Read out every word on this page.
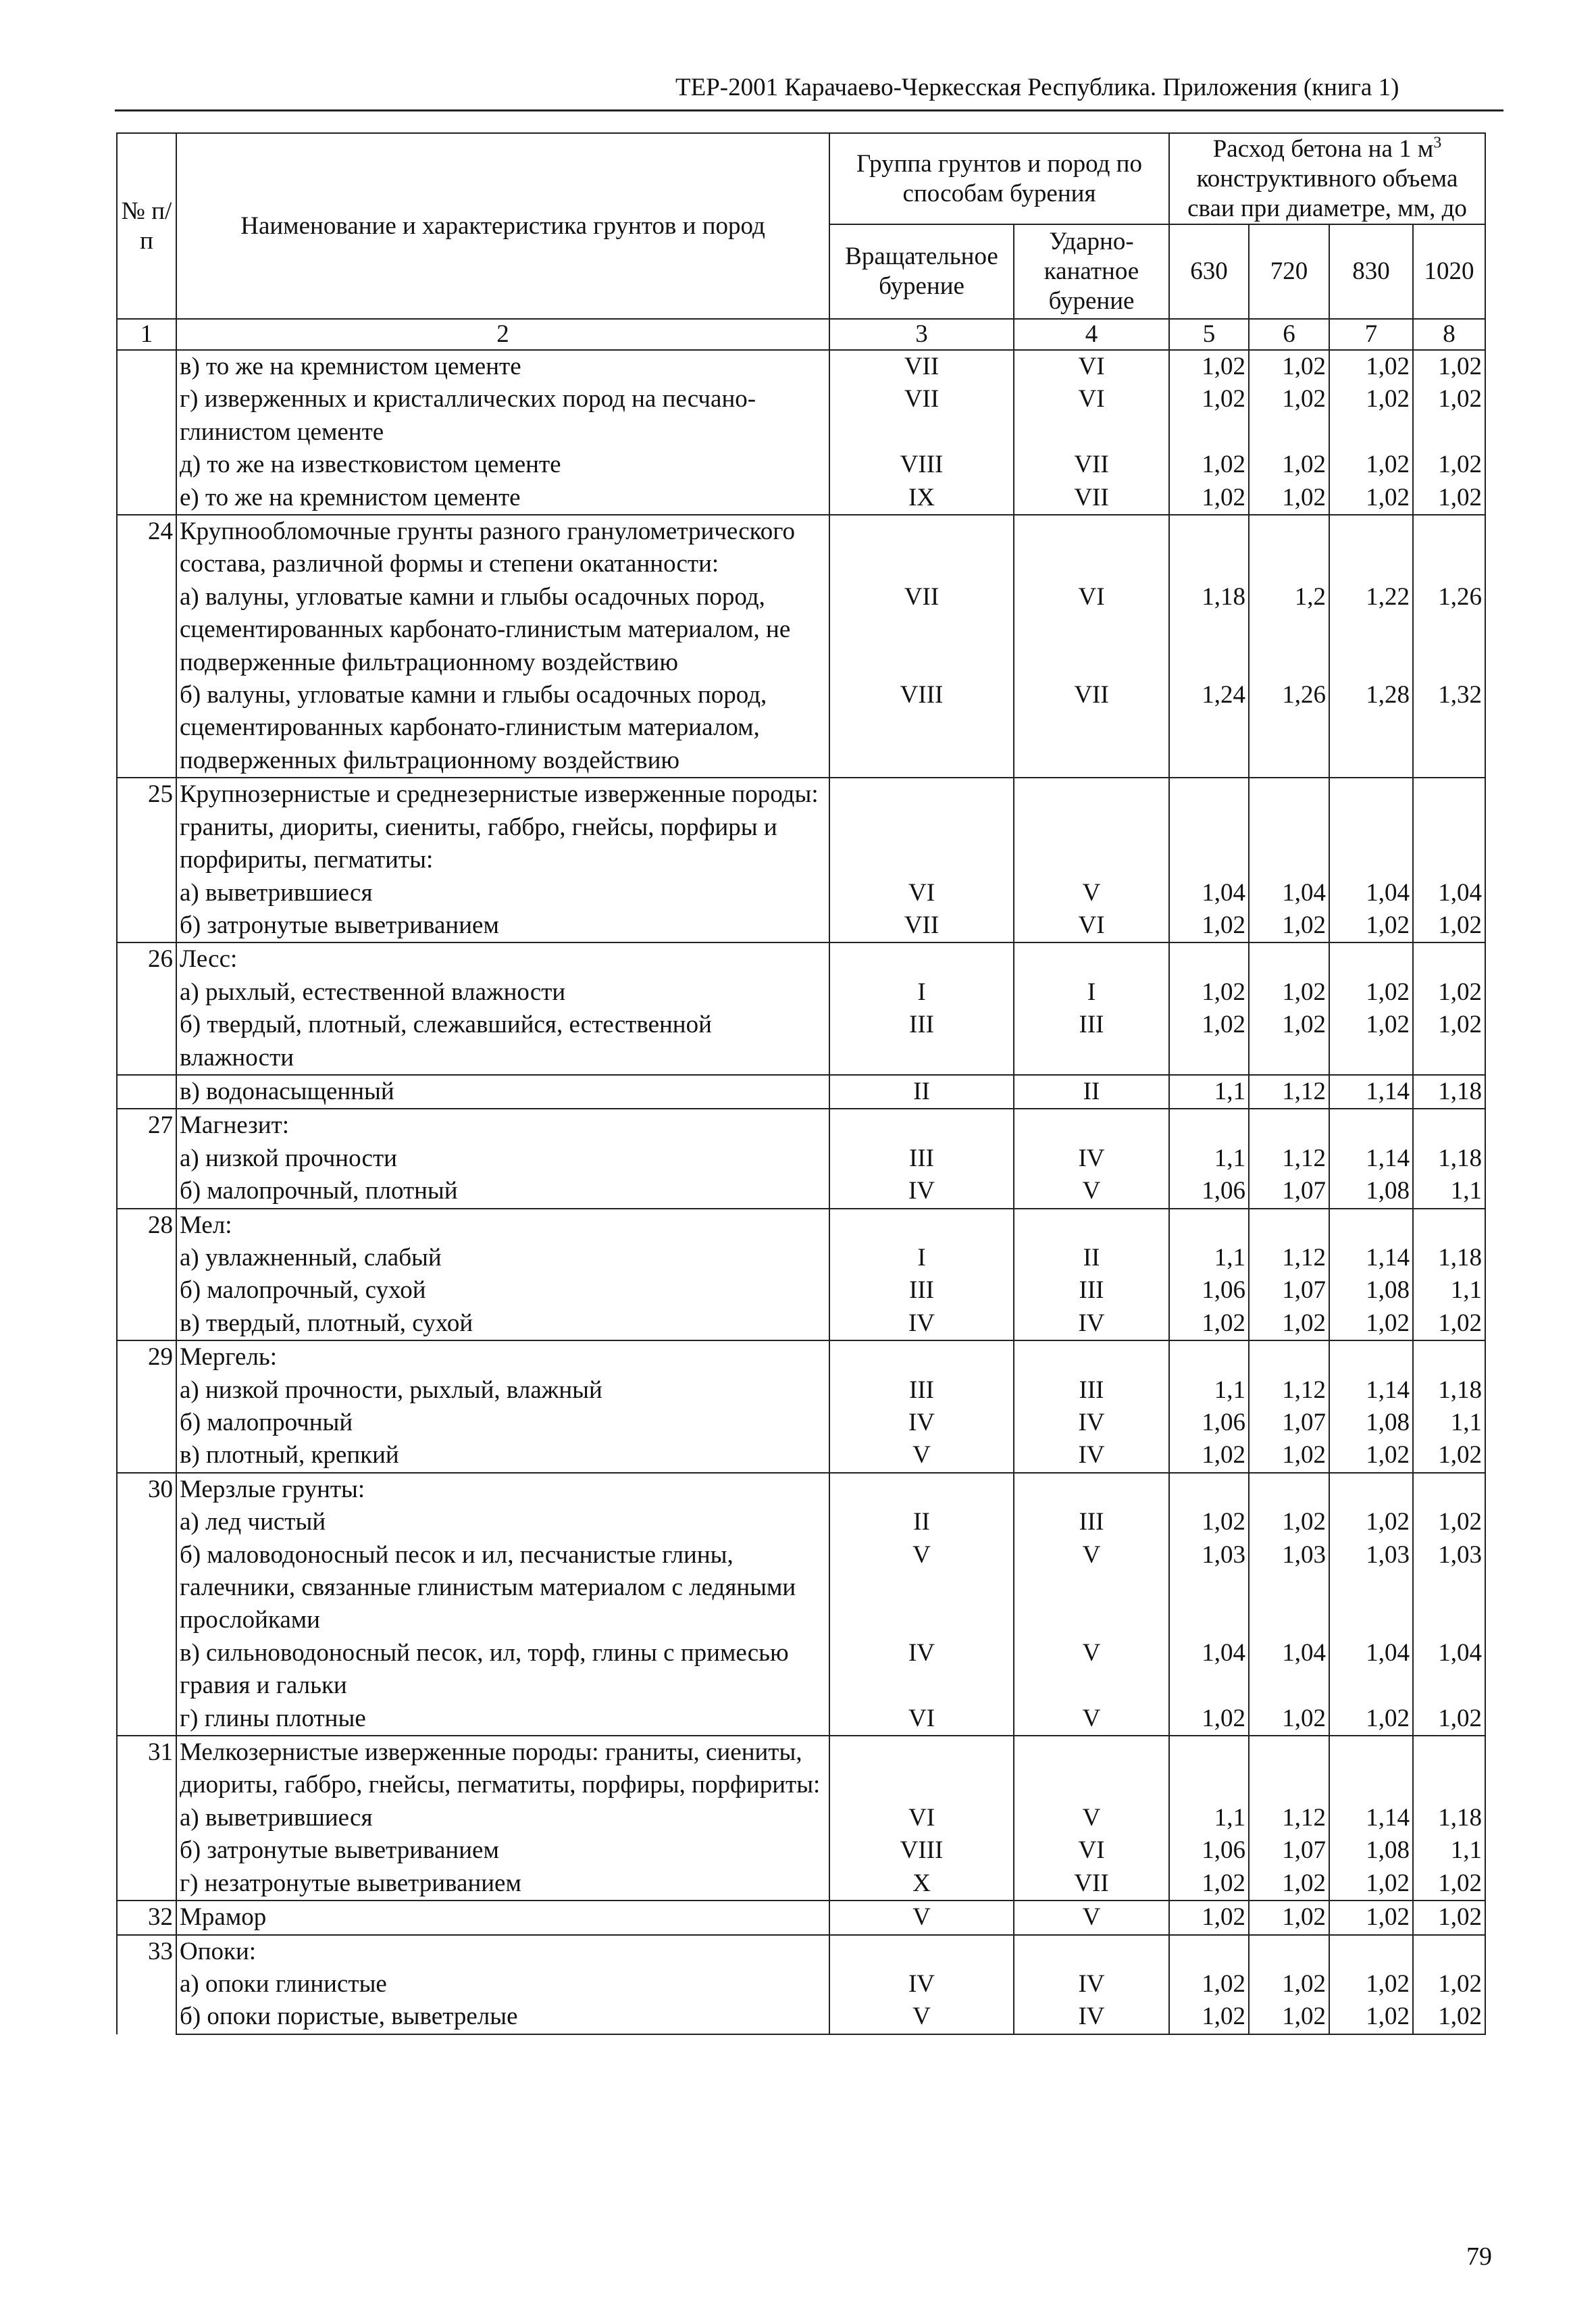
ТЕР-2001 Карачаево-Черкесская Республика. Приложения (книга 1)
№ п/п	Наименование и характеристика грунтов и пород	Группа грунтов и пород по способам бурения		Расход бетона на 1 $м^3$ конструктивного объема сваи при диаметре, мм, до			
		Вращательное бурение	Ударно-канатное бурение	630	720	830	1020
1	2	3	4	5	6	7	8
	в) то же на кремнистом цементе	VII	VI	1,02	1,02	1,02	1,02
	г) изверженных и кристаллических пород на песчано-глинистом цементе	VII	VI	1,02	1,02	1,02	1,02
	д) то же на известковистом цементе	VIII	VII	1,02	1,02	1,02	1,02
	е) то же на кремнистом цементе	IX	VII	1,02	1,02	1,02	1,02
24	Крупнообломочные грунты разного гранулометрического состава, различной формы и степени окатанности:						
	а) валуны, угловатые камни и глыбы осадочных пород, сцементированных карбонато-глинистым материалом, не подверженные фильтрационному воздействию	VII	VI	1,18	1,2	1,22	1,26
	б) валуны, угловатые камни и глыбы осадочных пород, сцементированных карбонато-глинистым материалом, подверженных фильтрационному воздействию	VIII	VII	1,24	1,26	1,28	1,32
25	Крупнозернистые и среднезернистые изверженные породы: граниты, диориты, сиениты, габбро, гнейсы, порфиры и порфириты, пегматиты:						
	а) выветрившиеся	VI	V	1,04	1,04	1,04	1,04
	б) затронутые выветриванием	VII	VI	1,02	1,02	1,02	1,02
26	Лесс:						
	а) рыхлый, естественной влажности	I	I	1,02	1,02	1,02	1,02
	б) твердый, плотный, слежавшийся, естественной влажности	III	III	1,02	1,02	1,02	1,02
	в) водонасыщенный	II	II	1,1	1,12	1,14	1,18
27	Магнезит:						
	а) низкой прочности	III	IV	1,1	1,12	1,14	1,18
	б) малопрочный, плотный	IV	V	1,06	1,07	1,08	1,1
28	Мел:						
	а) увлажненный, слабый	I	II	1,1	1,12	1,14	1,18
	б) малопрочный, сухой	III	III	1,06	1,07	1,08	1,1
	в) твердый, плотный, сухой	IV	IV	1,02	1,02	1,02	1,02
29	Мергель:						
	а) низкой прочности, рыхлый, влажный	III	III	1,1	1,12	1,14	1,18
	б) малопрочный	IV	IV	1,06	1,07	1,08	1,1
	в) плотный, крепкий	V	IV	1,02	1,02	1,02	1,02
30	Мерзлые грунты:						
	а) лед чистый	II	III	1,02	1,02	1,02	1,02
	б) маловодоносный песок и ил, песчанистые глины, галечники, связанные глинистым материалом с ледяными прослойками	V	V	1,03	1,03	1,03	1,03
	в) сильноводоносный песок, ил, торф, глины с примесью гравия и гальки	IV	V	1,04	1,04	1,04	1,04
	г) глины плотные	VI	V	1,02	1,02	1,02	1,02
31	Мелкозернистые изверженные породы: граниты, сиениты, диориты, габбро, гнейсы, пегматиты, порфиры, порфириты:						
	а) выветрившиеся	VI	V	1,1	1,12	1,14	1,18
	б) затронутые выветриванием	VIII	VI	1,06	1,07	1,08	1,1
	г) незатронутые выветриванием	X	VII	1,02	1,02	1,02	1,02
32	Мрамор	V	V	1,02	1,02	1,02	1,02
33	Опоки:						
	а) опоки глинистые	IV	IV	1,02	1,02	1,02	1,02
	б) опоки пористые, выветрелые	V	IV	1,02	1,02	1,02	1,02
79
